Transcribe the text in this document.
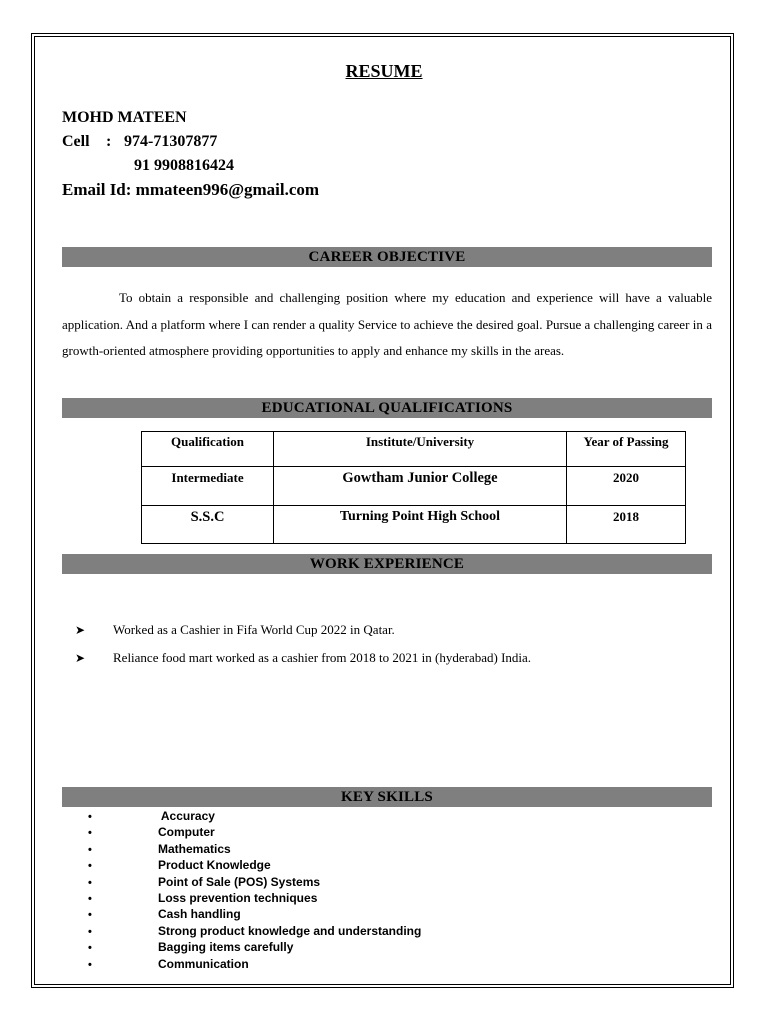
RESUME
MOHD MATEEN
Cell : 974-71307877
91 9908816424
Email Id: mmateen996@gmail.com
CAREER OBJECTIVE
To obtain a responsible and challenging position where my education and experience will have a valuable application. And a platform where I can render a quality Service to achieve the desired goal. Pursue a challenging career in a growth-oriented atmosphere providing opportunities to apply and enhance my skills in the areas.
EDUCATIONAL QUALIFICATIONS
Qualification	Institute/University	Year of Passing
Intermediate	Gowtham Junior College	2020
S.S.C	Turning Point High School	2018
WORK EXPERIENCE
➤ Worked as a Cashier in Fifa World Cup 2022 in Qatar.
➤ Reliance food mart worked as a cashier from 2018 to 2021 in (hyderabad) India.
KEY SKILLS
•	Accuracy
•	Computer
•	Mathematics
•	Product Knowledge
•	Point of Sale (POS) Systems
•	Loss prevention techniques
•	Cash handling
•	Strong product knowledge and understanding
•	Bagging items carefully
•	Communication
